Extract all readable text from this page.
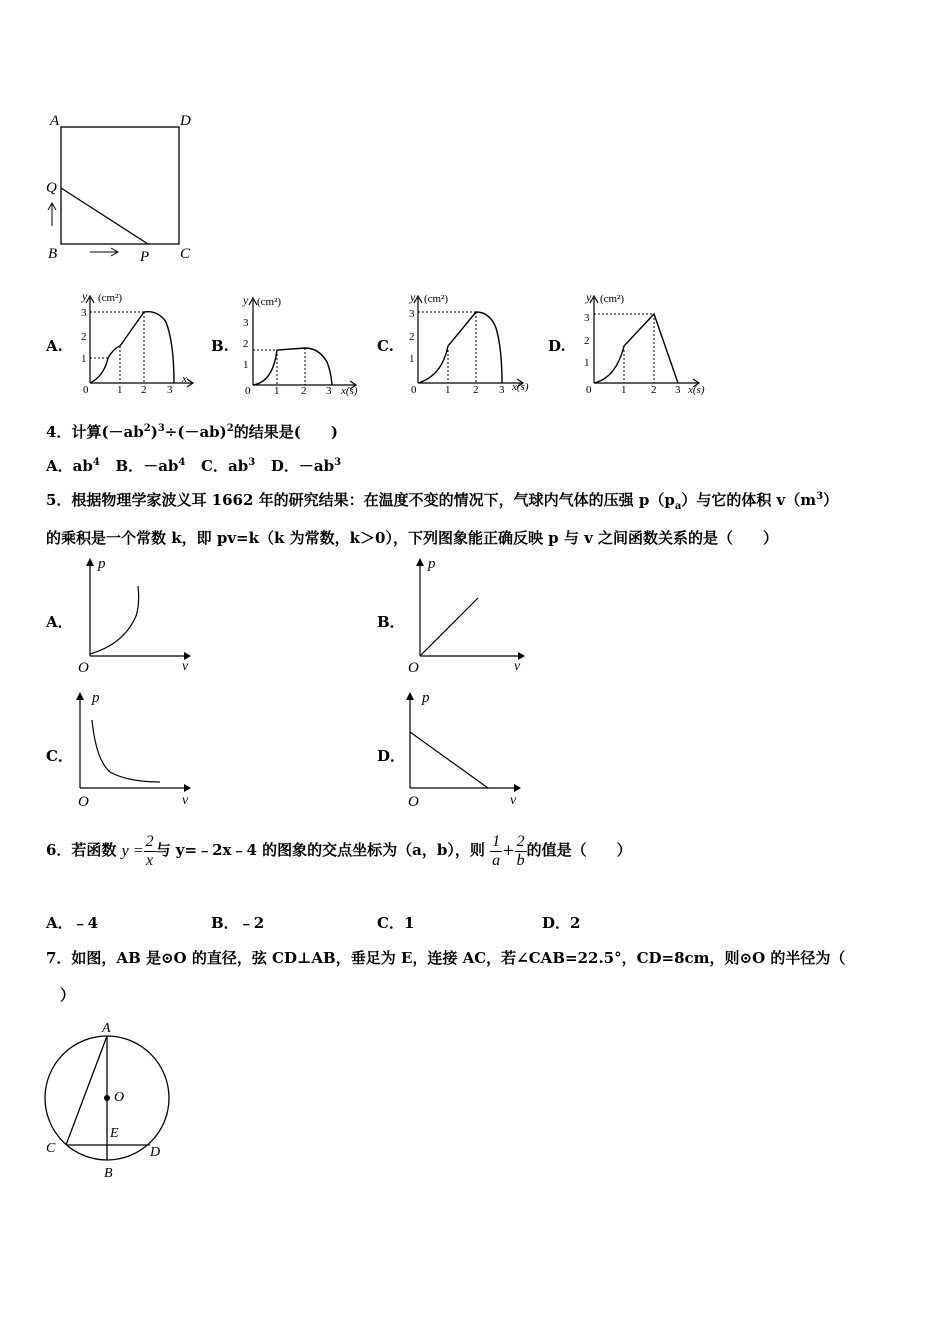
A	D
Q
B	P C
A.
y (cm²)
x
0	1 2 3
1
2
3
B.
y (cm²)
x(s)
0 1 2 3
1
2
3
C.
y (cm²)
x(s)
0	1 2 3
1
2
3
D.
y (cm²)
x(s)
0	1 2 3
1
2
3
4．计算$(-ab^2)^3\div(-ab)^2$的结果是(　　)
A．$ab^4$ B．$-ab^4$ C．$ab^3$ D．$-ab^3$
5．根据物理学家波义耳 1662 年的研究结果：在温度不变的情况下，气球内气体的压强 $p(p_a)$与它的体积 $v(m^3)$
的乘积是一个常数 k，即 pv=k（k 为常数，k＞0），下列图象能正确反映 p 与 v 之间函数关系的是（　　）
A．
p
O	v
B．
p
O	v
C．
p
O	v
D．
p
O	v
6．若函数 $y = \frac{2}{x}$ 与 y=﹣2x﹣4 的图象的交点坐标为（a，b），则 $\frac{1}{a} + \frac{2}{b}$ 的值是（　　）
A．﹣4	B．﹣2	C．1	D．2
7．如图，AB 是⊙O 的直径，弦 CD⊥AB，垂足为 E，连接 AC，若∠CAB=22.5°，CD=8cm，则⊙O 的半径为（
）
A
O
E
C	D
B
